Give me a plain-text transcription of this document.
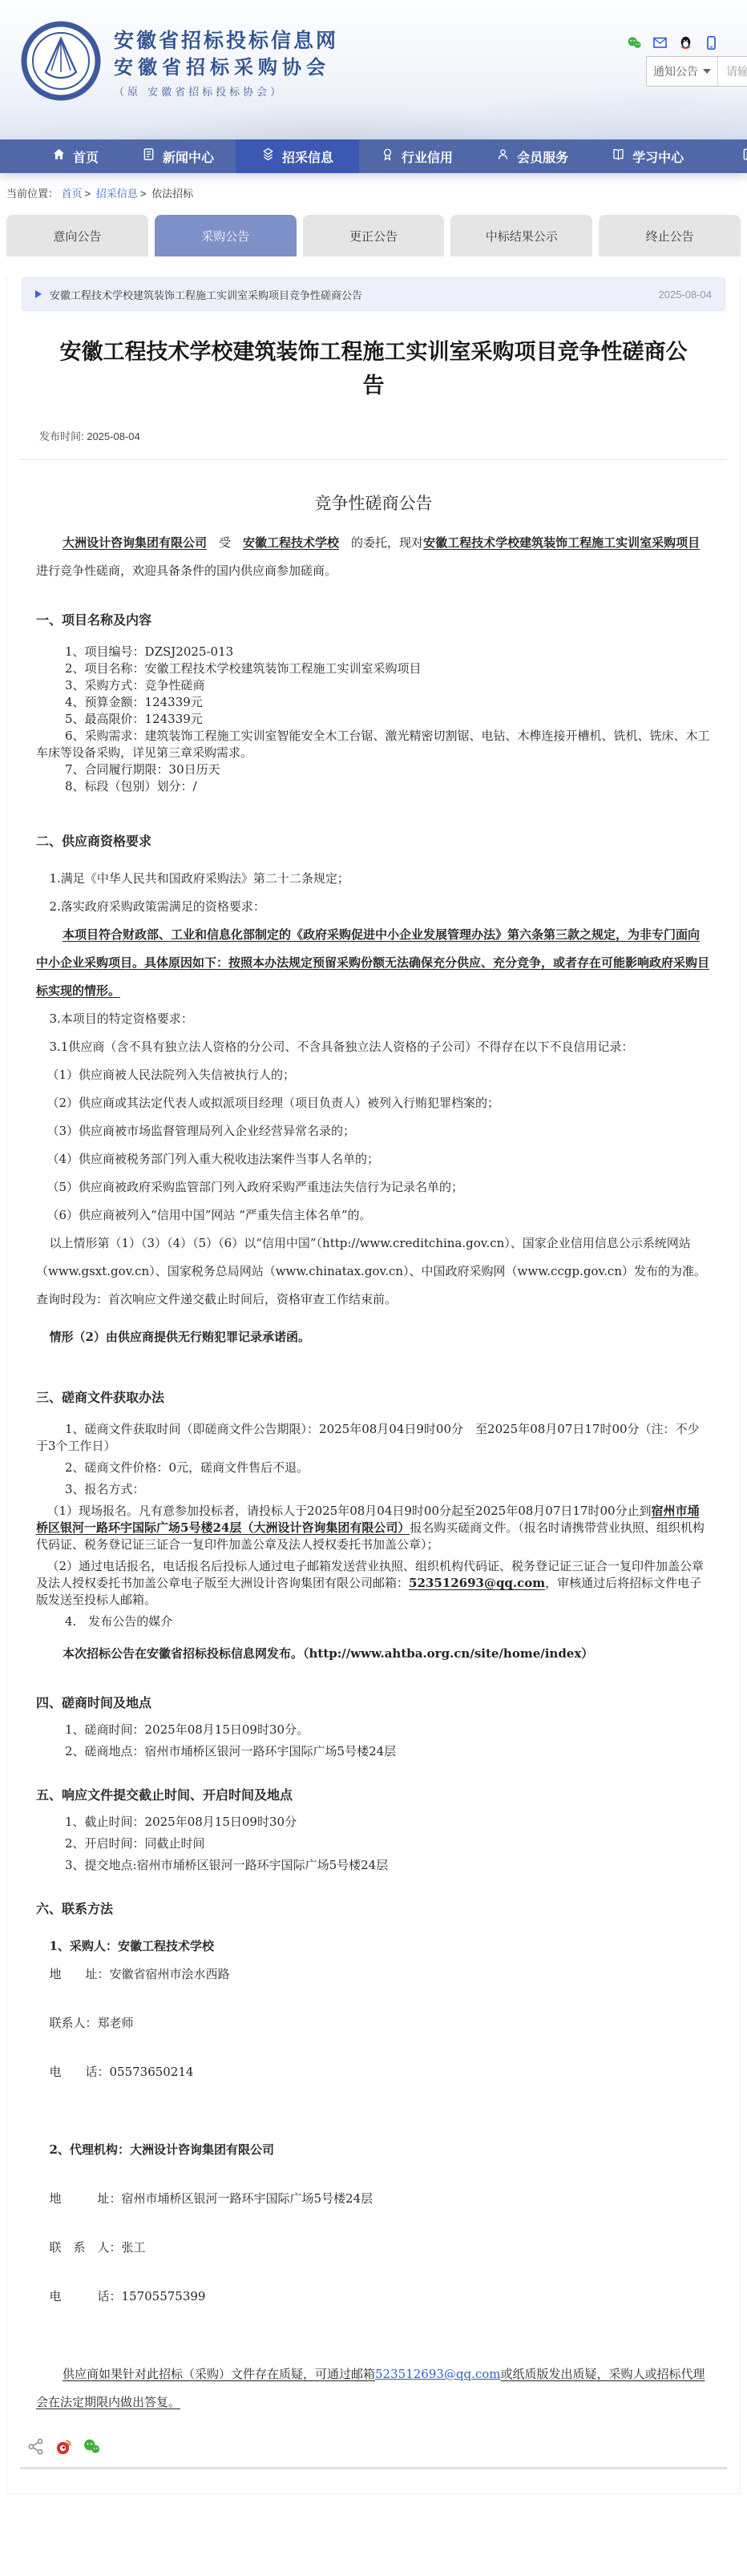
安徽省招标投标信息网
安徽省招标采购协会
（原 安徽省招标投标协会）
通知公告
请输入关键字
首页	新闻中心	招采信息	行业信用	会员服务	学习中心
当前位置： 首页 > 招采信息 > 依法招标
意向公告	采购公告	更正公告	中标结果公示	终止公告
安徽工程技术学校建筑装饰工程施工实训室采购项目竞争性磋商公告	2025-08-04
安徽工程技术学校建筑装饰工程施工实训室采购项目竞争性磋商公告
发布时间: 2025-08-04
竞争性磋商公告
大洲设计咨询集团有限公司　受　安徽工程技术学校　的委托，现对安徽工程技术学校建筑装饰工程施工实训室采购项目进行竞争性磋商，欢迎具备条件的国内供应商参加磋商。
一、项目名称及内容
1、项目编号：DZSJ2025-013
2、项目名称：安徽工程技术学校建筑装饰工程施工实训室采购项目
3、采购方式：竞争性磋商
4、预算金额：124339元
5、最高限价：124339元
6、采购需求：建筑装饰工程施工实训室智能安全木工台锯、激光精密切割锯、电钻、木榫连接开槽机、铣机、铣床、木工车床等设备采购，详见第三章采购需求。
7、合同履行期限：30日历天
8、标段（包别）划分：/
二、供应商资格要求
1.满足《中华人民共和国政府采购法》第二十二条规定；
2.落实政府采购政策需满足的资格要求：
本项目符合财政部、工业和信息化部制定的《政府采购促进中小企业发展管理办法》第六条第三款之规定，为非专门面向中小企业采购项目。具体原因如下：按照本办法规定预留采购份额无法确保充分供应、充分竞争，或者存在可能影响政府采购目标实现的情形。
3.本项目的特定资格要求：
3.1供应商（含不具有独立法人资格的分公司、不含具备独立法人资格的子公司）不得存在以下不良信用记录：
（1）供应商被人民法院列入失信被执行人的；
（2）供应商或其法定代表人或拟派项目经理（项目负责人）被列入行贿犯罪档案的；
（3）供应商被市场监督管理局列入企业经营异常名录的；
（4）供应商被税务部门列入重大税收违法案件当事人名单的；
（5）供应商被政府采购监管部门列入政府采购严重违法失信行为记录名单的；
（6）供应商被列入“信用中国”网站 “严重失信主体名单”的。
以上情形第（1）（3）（4）（5）（6）以“信用中国”（http://www.creditchina.gov.cn）、国家企业信用信息公示系统网站（www.gsxt.gov.cn）、国家税务总局网站（www.chinatax.gov.cn）、中国政府采购网（www.ccgp.gov.cn）发布的为准。查询时段为：首次响应文件递交截止时间后，资格审查工作结束前。
情形（2）由供应商提供无行贿犯罪记录承诺函。
三、磋商文件获取办法
1、磋商文件获取时间（即磋商文件公告期限）：2025年08月04日9时00分　至2025年08月07日17时00分（注：不少于3个工作日）
2、磋商文件价格：0元，磋商文件售后不退。
3、报名方式：
（1）现场报名。凡有意参加投标者，请投标人于2025年08月04日9时00分起至2025年08月07日17时00分止到宿州市埇桥区银河一路环宇国际广场5号楼24层（大洲设计咨询集团有限公司）报名购买磋商文件。（报名时请携带营业执照、组织机构代码证、税务登记证三证合一复印件加盖公章及法人授权委托书加盖公章）；
（2）通过电话报名，电话报名后投标人通过电子邮箱发送营业执照、组织机构代码证、税务登记证三证合一复印件加盖公章及法人授权委托书加盖公章电子版至大洲设计咨询集团有限公司邮箱：523512693@qq.com，审核通过后将招标文件电子版发送至投标人邮箱。
4.　发布公告的媒介
本次招标公告在安徽省招标投标信息网发布。（http://www.ahtba.org.cn/site/home/index）
四、磋商时间及地点
1、磋商时间：2025年08月15日09时30分。
2、磋商地点：宿州市埇桥区银河一路环宇国际广场5号楼24层
五、响应文件提交截止时间、开启时间及地点
1、截止时间：2025年08月15日09时30分
2、开启时间：同截止时间
3、提交地点:宿州市埇桥区银河一路环宇国际广场5号楼24层
六、联系方法
1、采购人：安徽工程技术学校
地　　址：安徽省宿州市浍水西路
联系人：郑老师
电　　话：05573650214
2、代理机构：大洲设计咨询集团有限公司
地　　　址：宿州市埇桥区银河一路环宇国际广场5号楼24层
联　系　人：张工
电　　　话：15705575399
供应商如果针对此招标（采购）文件存在质疑，可通过邮箱523512693@qq.com或纸质版发出质疑，采购人或招标代理会在法定期限内做出答复。
